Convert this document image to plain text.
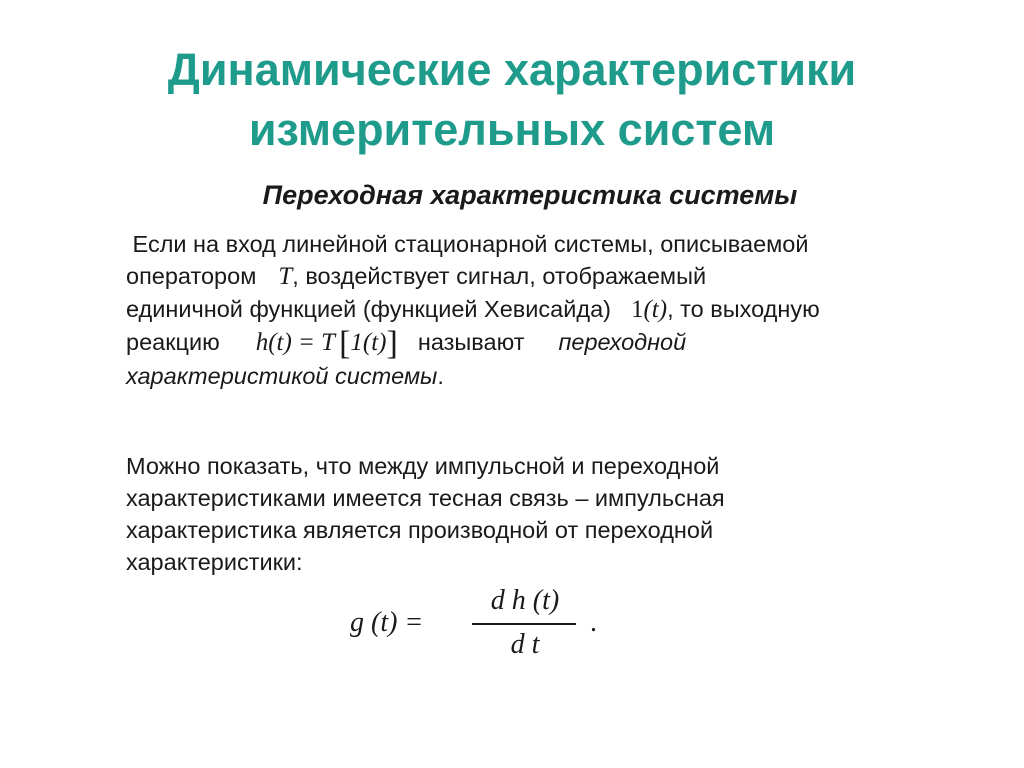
Динамические характеристики
измерительных систем
Переходная характеристика системы
Если на вход линейной стационарной системы, описываемой
оператором T, воздействует сигнал, отображаемый
единичной функцией (функцией Хевисайда) 1(t), то выходную
реакцию h(t) = T [1(t)] называют переходной
характеристикой системы.
Можно показать, что между импульсной и переходной
характеристиками имеется тесная связь – импульсная
характеристика является производной от переходной
характеристики:
g (t) =
d h (t)
d t
.
